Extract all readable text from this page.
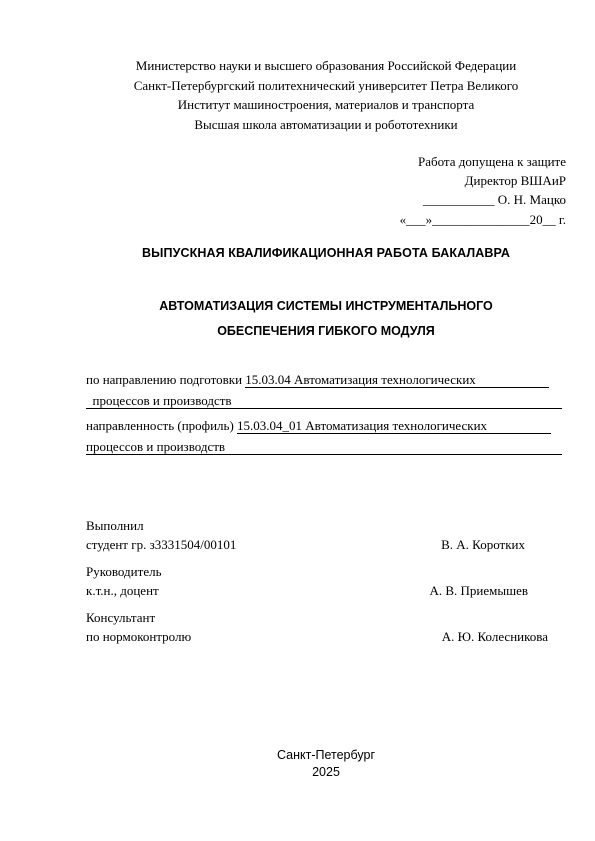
Министерство науки и высшего образования Российской Федерации
Санкт-Петербургский политехнический университет Петра Великого
Институт машиностроения, материалов и транспорта
Высшая школа автоматизации и робототехники
Работа допущена к защите
Директор ВШАиР
___________ О. Н. Мацко
«___»_______________20__ г.
ВЫПУСКНАЯ КВАЛИФИКАЦИОННАЯ РАБОТА БАКАЛАВРА
АВТОМАТИЗАЦИЯ СИСТЕМЫ ИНСТРУМЕНТАЛЬНОГО
ОБЕСПЕЧЕНИЯ ГИБКОГО МОДУЛЯ
по направлению подготовки 15.03.04 Автоматизация технологических
процессов и производств
направленность (профиль) 15.03.04_01 Автоматизация технологических
процессов и производств
Выполнил
студент гр. з3331504/00101	В. А. Коротких
Руководитель
к.т.н., доцент	А. В. Приемышев
Консультант
по нормоконтролю	А. Ю. Колесникова
Санкт-Петербург
2025
